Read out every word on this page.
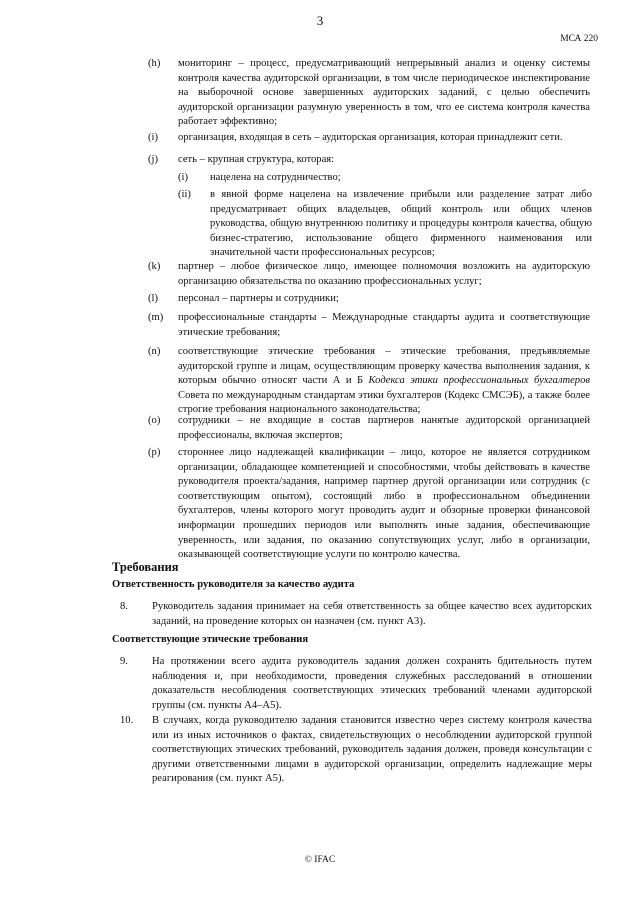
3
МСА 220
(h) мониторинг – процесс, предусматривающий непрерывный анализ и оценку системы контроля качества аудиторской организации, в том числе периодическое инспектирование на выборочной основе завершенных аудиторских заданий, с целью обеспечить аудиторской организации разумную уверенность в том, что ее система контроля качества работает эффективно;
(i) организация, входящая в сеть – аудиторская организация, которая принадлежит сети.
(j) сеть – крупная структура, которая:
(i) нацелена на сотрудничество;
(ii) в явной форме нацелена на извлечение прибыли или разделение затрат либо предусматривает общих владельцев, общий контроль или общих членов руководства, общую внутреннюю политику и процедуры контроля качества, общую бизнес-стратегию, использование общего фирменного наименования или значительной части профессиональных ресурсов;
(k) партнер – любое физическое лицо, имеющее полномочия возложить на аудиторскую организацию обязательства по оказанию профессиональных услуг;
(l) персонал – партнеры и сотрудники;
(m) профессиональные стандарты – Международные стандарты аудита и соответствующие этические требования;
(n) соответствующие этические требования – этические требования, предъявляемые аудиторской группе и лицам, осуществляющим проверку качества выполнения задания, к которым обычно относят части А и Б Кодекса этики профессиональных бухгалтеров Совета по международным стандартам этики бухгалтеров (Кодекс СМСЭБ), а также более строгие требования национального законодательства;
(o) сотрудники – не входящие в состав партнеров нанятые аудиторской организацией профессионалы, включая экспертов;
(p) стороннее лицо надлежащей квалификации – лицо, которое не является сотрудником организации, обладающее компетенцией и способностями, чтобы действовать в качестве руководителя проекта/задания, например партнер другой организации или сотрудник (с соответствующим опытом), состоящий либо в профессиональном объединении бухгалтеров, члены которого могут проводить аудит и обзорные проверки финансовой информации прошедших периодов или выполнять иные задания, обеспечивающие уверенность, или задания, по оказанию сопутствующих услуг, либо в организации, оказывающей соответствующие услуги по контролю качества.
Требования
Ответственность руководителя за качество аудита
8. Руководитель задания принимает на себя ответственность за общее качество всех аудиторских заданий, на проведение которых он назначен (см. пункт А3).
Соответствующие этические требования
9. На протяжении всего аудита руководитель задания должен сохранять бдительность путем наблюдения и, при необходимости, проведения служебных расследований в отношении доказательств несоблюдения соответствующих этических требований членами аудиторской группы (см. пункты А4–А5).
10. В случаях, когда руководителю задания становится известно через систему контроля качества или из иных источников о фактах, свидетельствующих о несоблюдении аудиторской группой соответствующих этических требований, руководитель задания должен, проведя консультации с другими ответственными лицами в аудиторской организации, определить надлежащие меры реагирования (см. пункт А5).
© IFAC
